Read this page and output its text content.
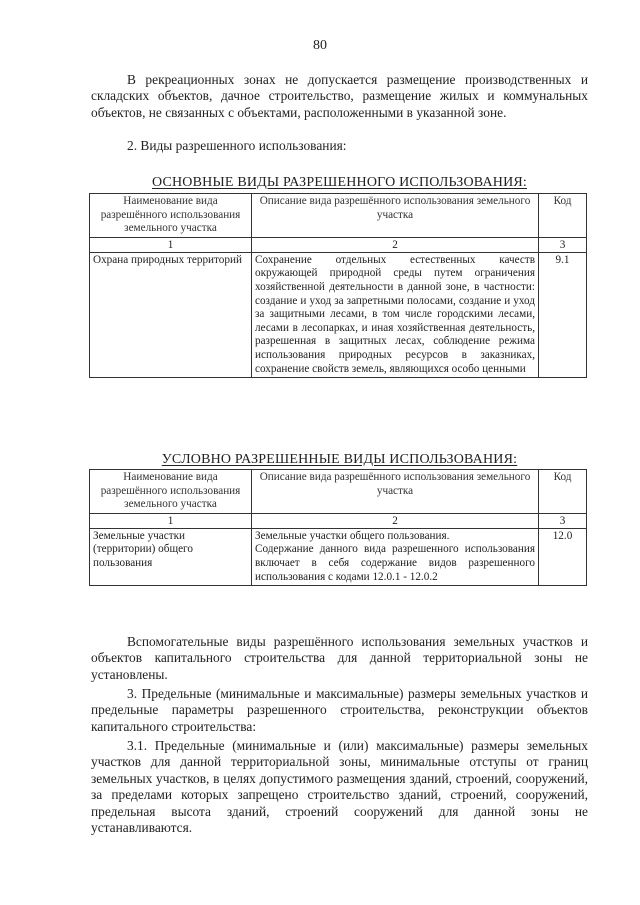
80

В рекреационных зонах не допускается размещение производственных и складских объектов, дачное строительство, размещение жилых и коммунальных объектов, не связанных с объектами, расположенными в указанной зоне.

2. Виды разрешенного использования:

ОСНОВНЫЕ ВИДЫ РАЗРЕШЕННОГО ИСПОЛЬЗОВАНИЯ:
Наименование вида разрешённого использования земельного участка	Описание вида разрешённого использования земельного участка	Код
1	2	3
Охрана природных территорий	Сохранение отдельных естественных качеств окружающей природной среды путем ограничения хозяйственной деятельности в данной зоне, в частности: создание и уход за запретными полосами, создание и уход за защитными лесами, в том числе городскими лесами, лесами в лесопарках, и иная хозяйственная деятельность, разрешенная в защитных лесах, соблюдение режима использования природных ресурсов в заказниках, сохранение свойств земель, являющихся особо ценными	9.1
УСЛОВНО РАЗРЕШЕННЫЕ ВИДЫ ИСПОЛЬЗОВАНИЯ:
Наименование вида разрешённого использования земельного участка	Описание вида разрешённого использования земельного участка	Код
1	2	3
Земельные участки (территории) общего пользования	Земельные участки общего пользования.
Содержание данного вида разрешенного использования включает в себя содержание видов разрешенного использования с кодами 12.0.1 - 12.0.2	12.0

Вспомогательные виды разрешённого использования земельных участков и объектов капитального строительства для данной территориальной зоны не установлены.

3. Предельные (минимальные и максимальные) размеры земельных участков и предельные параметры разрешенного строительства, реконструкции объектов капитального строительства:

3.1. Предельные (минимальные и (или) максимальные) размеры земельных участков для данной территориальной зоны, минимальные отступы от границ земельных участков, в целях допустимого размещения зданий, строений, сооружений, за пределами которых запрещено строительство зданий, строений, сооружений, предельная высота зданий, строений сооружений для данной зоны не устанавливаются.
